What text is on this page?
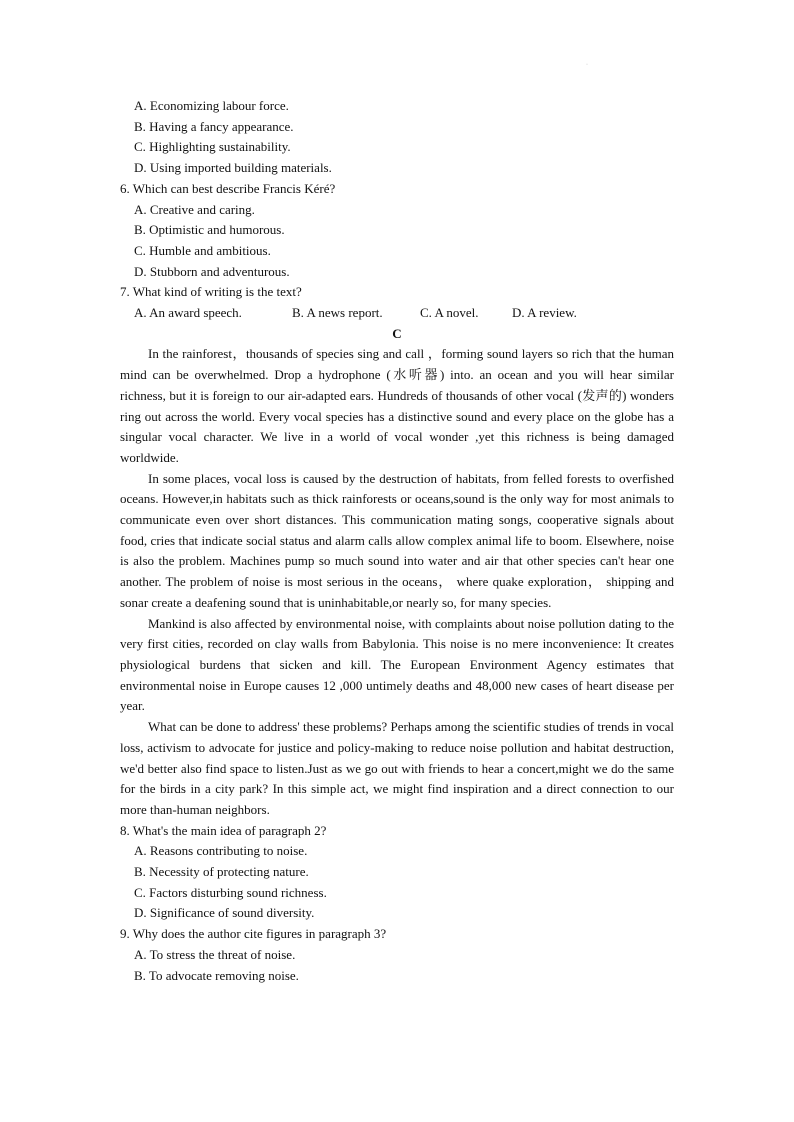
·
A. Economizing labour force.
B. Having a fancy appearance.
C. Highlighting sustainability.
D. Using imported building materials.
6. Which can best describe Francis Kéré?
A. Creative and caring.
B. Optimistic and humorous.
C. Humble and ambitious.
D. Stubborn and adventurous.
7. What kind of writing is the text?
A. An award speech.	B. A news report.	C. A novel.	D. A review.
C
In the rainforest，thousands of species sing and call ，forming sound layers so rich that the human mind can be overwhelmed. Drop a hydrophone (水听器) into. an ocean and you will hear similar richness, but it is foreign to our air-adapted ears. Hundreds of thousands of other vocal (发声的) wonders ring out across the world. Every vocal species has a distinctive sound and every place on the globe has a singular vocal character. We live in a world of vocal wonder ,yet this richness is being damaged worldwide.
In some places, vocal loss is caused by the destruction of habitats, from felled forests to overfished oceans. However,in habitats such as thick rainforests or oceans,sound is the only way for most animals to communicate even over short distances. This communication mating songs, cooperative signals about food, cries that indicate social status and alarm calls allow complex animal life to boom. Elsewhere, noise is also the problem. Machines pump so much sound into water and air that other species can't hear one another. The problem of noise is most serious in the oceans， where quake exploration， shipping and sonar create a deafening sound that is uninhabitable,or nearly so, for many species.
Mankind is also affected by environmental noise, with complaints about noise pollution dating to the very first cities, recorded on clay walls from Babylonia. This noise is no mere inconvenience: It creates physiological burdens that sicken and kill. The European Environment Agency estimates that environmental noise in Europe causes 12 ,000 untimely deaths and 48,000 new cases of heart disease per year.
What can be done to address' these problems? Perhaps among the scientific studies of trends in vocal loss, activism to advocate for justice and policy-making to reduce noise pollution and habitat destruction, we'd better also find space to listen.Just as we go out with friends to hear a concert,might we do the same for the birds in a city park? In this simple act, we might find inspiration and a direct connection to our more than-human neighbors.
8. What's the main idea of paragraph 2?
A. Reasons contributing to noise.
B. Necessity of protecting nature.
C. Factors disturbing sound richness.
D. Significance of sound diversity.
9. Why does the author cite figures in paragraph 3?
A. To stress the threat of noise.
B. To advocate removing noise.
